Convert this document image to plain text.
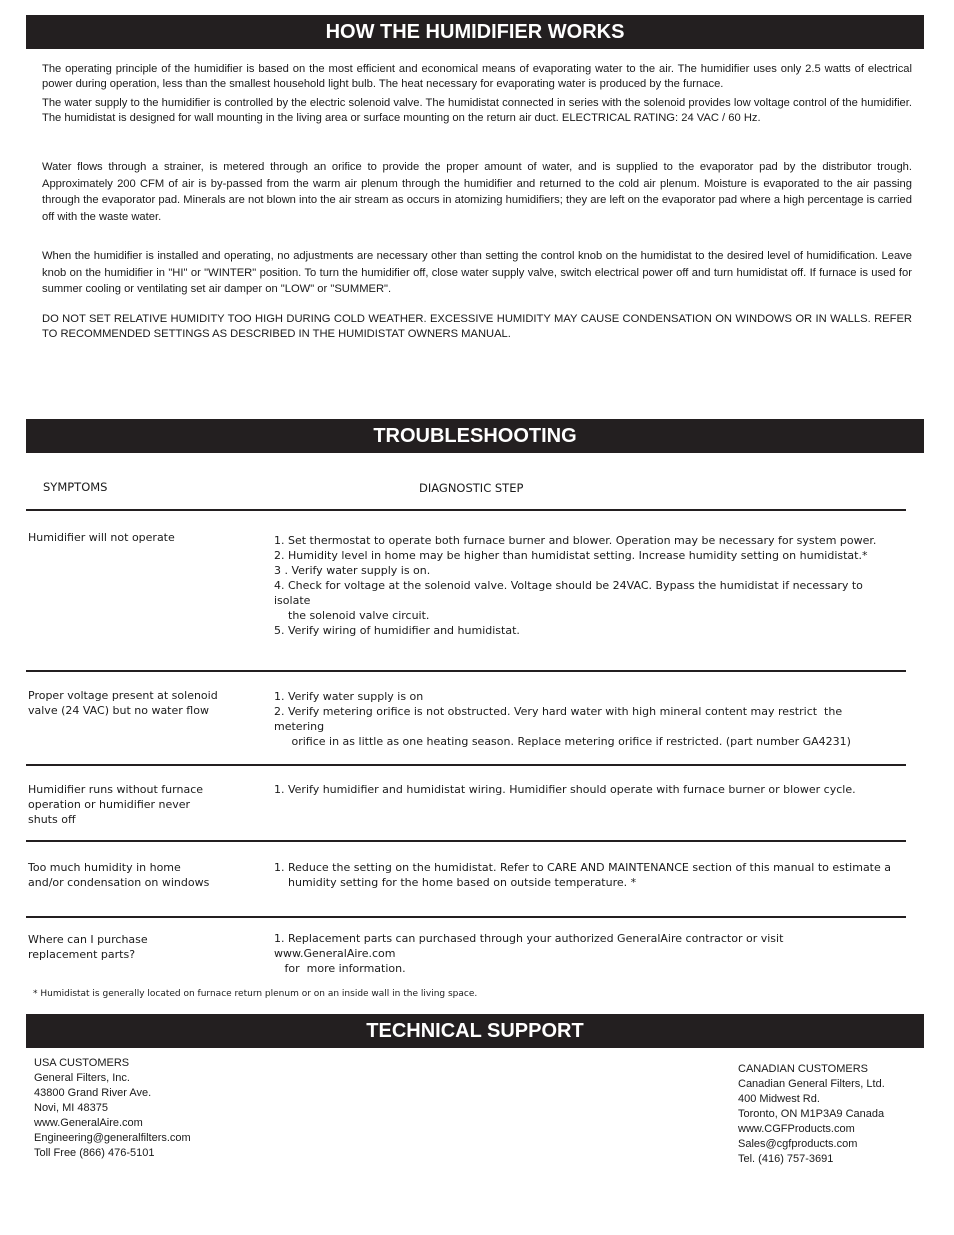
HOW THE HUMIDIFIER WORKS

The operating principle of the humidifier is based on the most efficient and economical means of evaporating water to the air. The humidifier uses only 2.5 watts of electrical power during operation, less than the smallest household light bulb. The heat necessary for evaporating water is produced by the furnace.

The water supply to the humidifier is controlled by the electric solenoid valve. The humidistat connected in series with the solenoid provides low voltage control of the humidifier. The humidistat is designed for wall mounting in the living area or surface mounting on the return air duct. ELECTRICAL RATING: 24 VAC / 60 Hz.

Water flows through a strainer, is metered through an orifice to provide the proper amount of water, and is supplied to the evaporator pad by the distributor trough. Approximately 200 CFM of air is by-passed from the warm air plenum through the humidifier and returned to the cold air plenum. Moisture is evaporated to the air passing through the evaporator pad. Minerals are not blown into the air stream as occurs in atomizing humidifiers; they are left on the evaporator pad where a high percentage is carried off with the waste water.

When the humidifier is installed and operating, no adjustments are necessary other than setting the control knob on the humidistat to the desired level of humidification. Leave knob on the humidifier in "HI" or "WINTER" position. To turn the humidifier off, close water supply valve, switch electrical power off and turn humidistat off. If furnace is used for summer cooling or ventilating set air damper on "LOW" or "SUMMER".

DO NOT SET RELATIVE HUMIDITY TOO HIGH DURING COLD WEATHER. EXCESSIVE HUMIDITY MAY CAUSE CONDENSATION ON WINDOWS OR IN WALLS. REFER TO RECOMMENDED SETTINGS AS DESCRIBED IN THE HUMIDISTAT OWNERS MANUAL.

TROUBLESHOOTING
SYMPTOMS	DIAGNOSTIC STEP
Humidifier will not operate	1. Set thermostat to operate both furnace burner and blower. Operation may be necessary for system power.
2. Humidity level in home may be higher than humidistat setting. Increase humidity setting on humidistat.*
3 . Verify water supply is on.
4. Check for voltage at the solenoid valve. Voltage should be 24VAC. Bypass the humidistat if necessary to isolate
the solenoid valve circuit.
5. Verify wiring of humidifier and humidistat.
Proper voltage present at solenoid valve (24 VAC) but no water flow
1. Verify water supply is on
2. Verify metering orifice is not obstructed. Very hard water with high mineral content may restrict  the metering
orifice in as little as one heating season. Replace metering orifice if restricted. (part number GA4231)
Humidifier runs without furnace operation or humidifier never shuts off
1. Verify humidifier and humidistat wiring. Humidifier should operate with furnace burner or blower cycle.
Too much humidity in home and/or condensation on windows
1. Reduce the setting on the humidistat. Refer to CARE AND MAINTENANCE section of this manual to estimate a
humidity setting for the home based on outside temperature. *
Where can I purchase replacement parts?
1. Replacement parts can purchased through your authorized GeneralAire contractor or visit www.GeneralAire.com
for  more information.
* Humidistat is generally located on furnace return plenum or on an inside wall in the living space.
TECHNICAL SUPPORT
USA CUSTOMERS
General Filters, Inc.
43800 Grand River Ave.
Novi, MI 48375
www.GeneralAire.com
Engineering@generalfilters.com
Toll Free (866) 476-5101
CANADIAN CUSTOMERS
Canadian General Filters, Ltd.
400 Midwest Rd.
Toronto, ON M1P3A9 Canada
www.CGFProducts.com
Sales@cgfproducts.com
Tel. (416) 757-3691
